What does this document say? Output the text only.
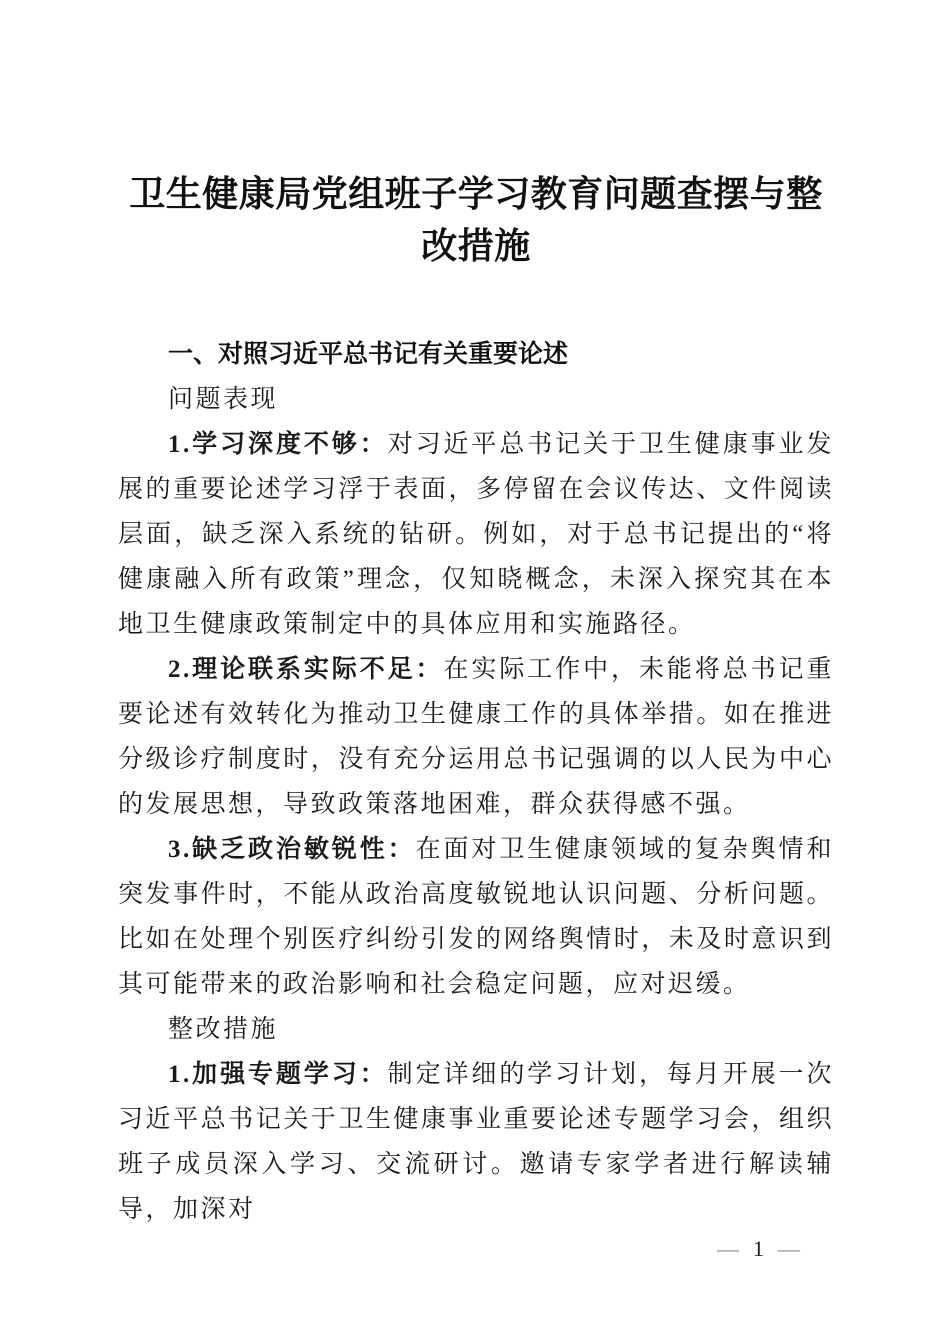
卫生健康局党组班子学习教育问题查摆与整改措施
一、对照习近平总书记有关重要论述

问题表现

1.学习深度不够：对习近平总书记关于卫生健康事业发展的重要论述学习浮于表面，多停留在会议传达、文件阅读层面，缺乏深入系统的钻研。例如，对于总书记提出的“将健康融入所有政策”理念，仅知晓概念，未深入探究其在本地卫生健康政策制定中的具体应用和实施路径。

2.理论联系实际不足：在实际工作中，未能将总书记重要论述有效转化为推动卫生健康工作的具体举措。如在推进分级诊疗制度时，没有充分运用总书记强调的以人民为中心的发展思想，导致政策落地困难，群众获得感不强。

3.缺乏政治敏锐性：在面对卫生健康领域的复杂舆情和突发事件时，不能从政治高度敏锐地认识问题、分析问题。比如在处理个别医疗纠纷引发的网络舆情时，未及时意识到其可能带来的政治影响和社会稳定问题，应对迟缓。

整改措施

1.加强专题学习：制定详细的学习计划，每月开展一次习近平总书记关于卫生健康事业重要论述专题学习会，组织班子成员深入学习、交流研讨。邀请专家学者进行解读辅导，加深对

— 1 —
